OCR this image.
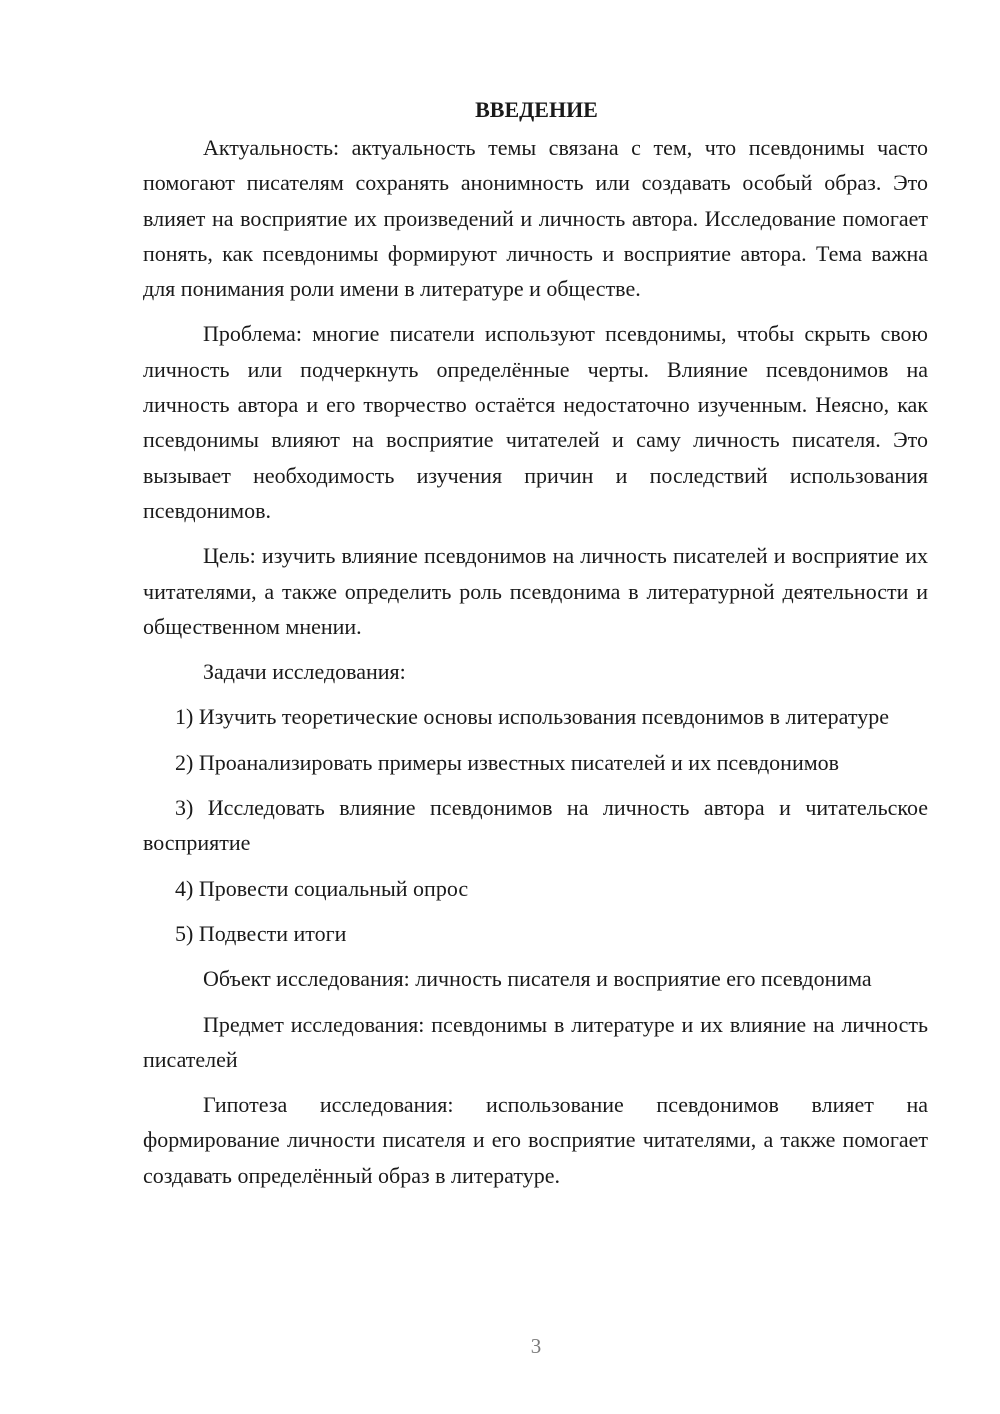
ВВЕДЕНИЕ

Актуальность: актуальность темы связана с тем, что псевдонимы часто помогают писателям сохранять анонимность или создавать особый образ. Это влияет на восприятие их произведений и личность автора. Исследование помогает понять, как псевдонимы формируют личность и восприятие автора. Тема важна для понимания роли имени в литературе и обществе.

Проблема: многие писатели используют псевдонимы, чтобы скрыть свою личность или подчеркнуть определённые черты. Влияние псевдонимов на личность автора и его творчество остаётся недостаточно изученным. Неясно, как псевдонимы влияют на восприятие читателей и саму личность писателя. Это вызывает необходимость изучения причин и последствий использования псевдонимов.

Цель: изучить влияние псевдонимов на личность писателей и восприятие их читателями, а также определить роль псевдонима в литературной деятельности и общественном мнении.

Задачи исследования:

1) Изучить теоретические основы использования псевдонимов в литературе

2) Проанализировать примеры известных писателей и их псевдонимов

3) Исследовать влияние псевдонимов на личность автора и читательское восприятие

4) Провести социальный опрос

5) Подвести итоги

Объект исследования: личность писателя и восприятие его псевдонима

Предмет исследования: псевдонимы в литературе и их влияние на личность писателей

Гипотеза исследования: использование псевдонимов влияет на формирование личности писателя и его восприятие читателями, а также помогает создавать определённый образ в литературе.

3
